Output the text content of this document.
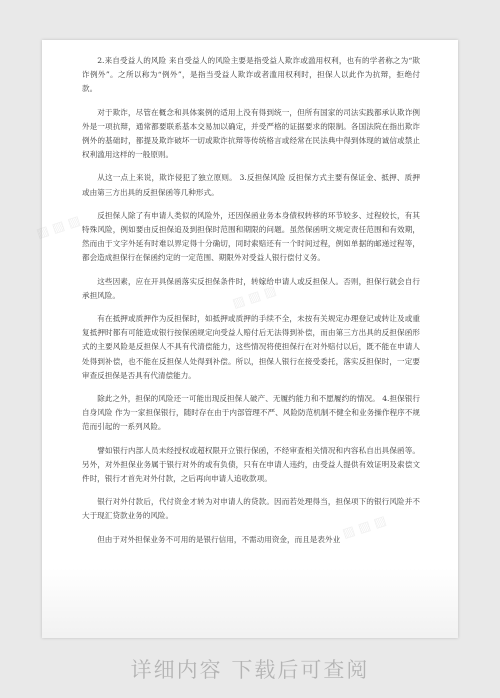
▨ ▨ ▨
▨ ▨ ▨
▨ ▨ ▨

2.来自受益人的风险 来自受益人的风险主要是指受益人欺诈或滥用权利，也有的学者称之为“欺诈例外”。之所以称为“例外”，是指当受益人欺诈或者滥用权利时，担保人以此作为抗辩，拒绝付款。

对于欺诈，尽管在概念和具体案例的适用上没有得到统一，但所有国家的司法实践都承认欺诈例外是一项抗辩，通常都要联系基本交易加以确定，并受严格的证据要求的限制。各国法院在指出欺诈例外的基础时，都提及欺诈破坏一切或欺诈抗辩等传统格言或经常在民法典中得到体现的诚信或禁止权利滥用这样的一般原则。

从这一点上来说，欺诈侵犯了独立原则。 3.反担保风险 反担保方式主要有保证金、抵押、质押或由第三方出具的反担保函等几种形式。

反担保人除了有申请人类似的风险外，还因保函业务本身债权转移的环节较多、过程较长，有其特殊风险，例如要由反担保追及到担保时范围和期限的问题。虽然保函明文规定责任范围和有效期，然而由于文字外延有时难以界定得十分确切，同时索赔还有一个时间过程，例如单据的邮递过程等，都会造成担保行在保函约定的一定范围、期限外对受益人银行偿付义务。

这些因素，应在开具保函落实反担保条件时，转嫁给申请人或反担保人。否则，担保行就会自行承担风险。

有在抵押或质押作为反担保时，如抵押或质押的手续不全，未按有关规定办理登记或转让及或重复抵押时都有可能造成银行按保函规定向受益人赔付后无法得到补偿，而由第三方出具的反担保函形式的主要风险是反担保人不具有代清偿能力，这些情况将使担保行在对外赔付以后，既不能在申请人处得到补偿，也不能在反担保人处得到补偿。所以，担保人银行在接受委托，落实反担保时，一定要审查反担保是否具有代清偿能力。

除此之外，担保的风险还一可能出现反担保人破产、无履约能力和不愿履约的情况。 4.担保银行自身风险 作为一家担保银行，随时存在由于内部管理不严、风险防范机制不健全和业务操作程序不规范而引起的一系列风险。

譬如银行内部人员未经授权或超权限开立银行保函，不经审查相关情况和内容私自出具保函等。 另外，对外担保业务属于银行对外的或有负债，只有在申请人违约，由受益人提供有效证明及索偿文件时，银行才首先对外付款，之后再向申请人追收款项。

银行对外付款后，代付资金才转为对申请人的贷款。因而若处理得当，担保项下的银行风险并不大于现汇贷款业务的风险。

但由于对外担保业务不可用的是银行信用，不需动用资金，而且是表外业

详细内容 下载后可查阅
